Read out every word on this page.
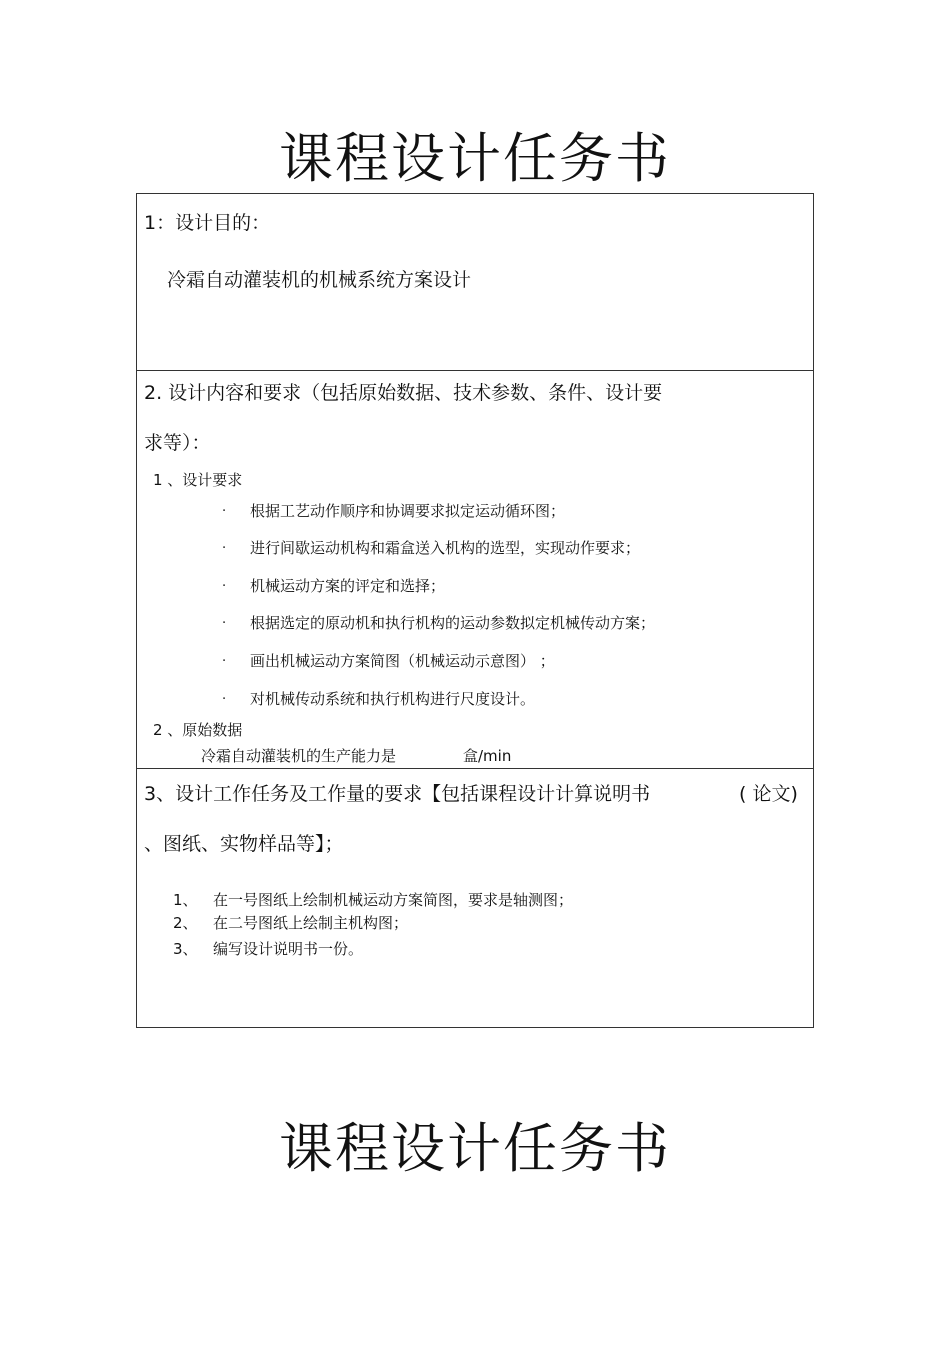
课程设计任务书
1：设计目的：
冷霜自动灌装机的机械系统方案设计
2. 设计内容和要求（包括原始数据、技术参数、条件、设计要
求等）：
1 、设计要求
· 根据工艺动作顺序和协调要求拟定运动循环图；
· 进行间歇运动机构和霜盒送入机构的选型，实现动作要求；
· 机械运动方案的评定和选择；
· 根据选定的原动机和执行机构的运动参数拟定机械传动方案；
· 画出机械运动方案简图（机械运动示意图） ；
· 对机械传动系统和执行机构进行尺度设计。
2 、原始数据
冷霜自动灌装机的生产能力是	盒/min
3、设计工作任务及工作量的要求【包括课程设计计算说明书	( 论文)
、图纸、实物样品等】；
1、 在一号图纸上绘制机械运动方案简图，要求是轴测图；
2、 在二号图纸上绘制主机构图；
3、 编写设计说明书一份。
课程设计任务书
